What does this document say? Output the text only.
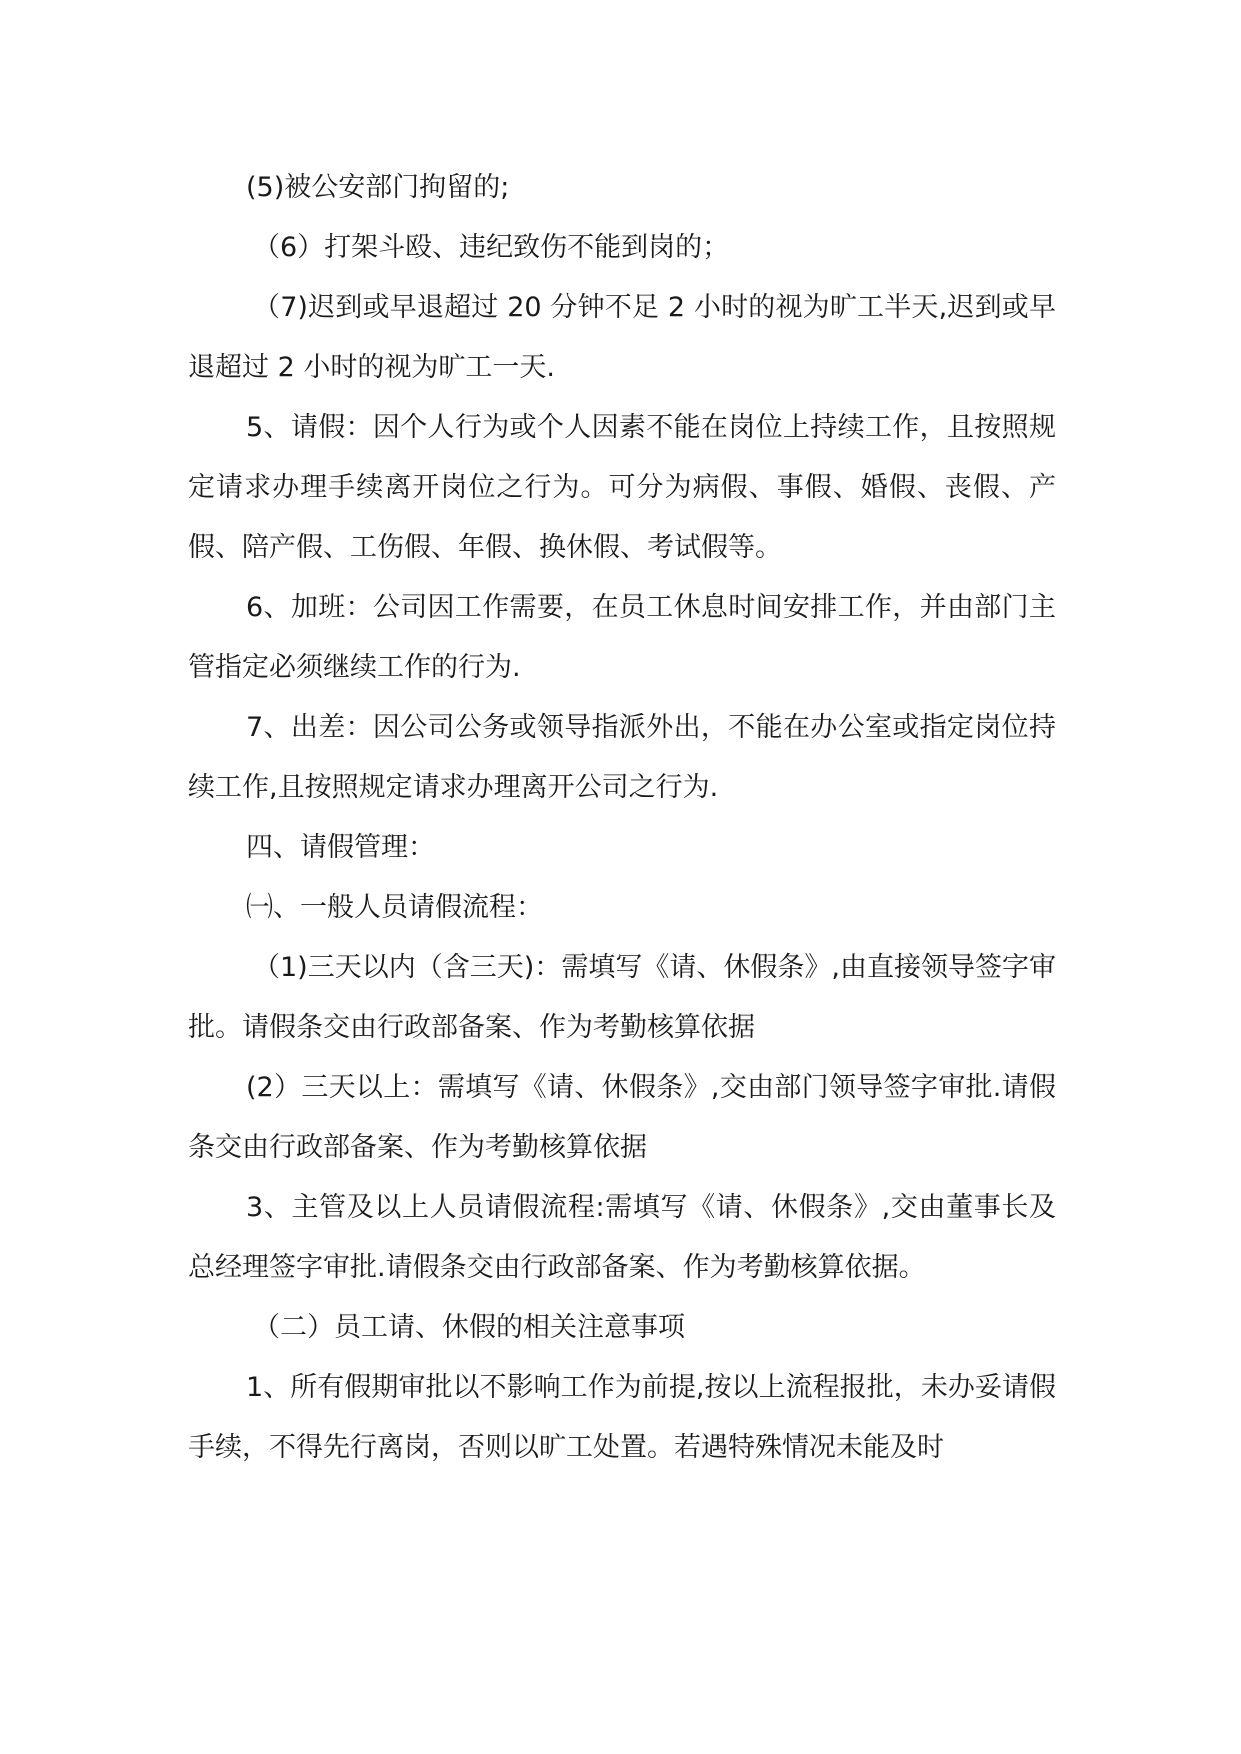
(5)被公安部门拘留的;

（6）打架斗殴、违纪致伤不能到岗的；

（7)迟到或早退超过 20 分钟不足 2 小时的视为旷工半天,迟到或早退超过 2 小时的视为旷工一天.

5、请假：因个人行为或个人因素不能在岗位上持续工作，且按照规定请求办理手续离开岗位之行为。可分为病假、事假、婚假、丧假、产假、陪产假、工伤假、年假、换休假、考试假等。

6、加班：公司因工作需要，在员工休息时间安排工作，并由部门主管指定必须继续工作的行为.

7、出差：因公司公务或领导指派外出，不能在办公室或指定岗位持续工作,且按照规定请求办理离开公司之行为.

四、请假管理：

㈠、一般人员请假流程：

（1)三天以内（含三天)：需填写《请、休假条》,由直接领导签字审批。请假条交由行政部备案、作为考勤核算依据

(2）三天以上：需填写《请、休假条》,交由部门领导签字审批.请假条交由行政部备案、作为考勤核算依据

3、主管及以上人员请假流程:需填写《请、休假条》,交由董事长及总经理签字审批.请假条交由行政部备案、作为考勤核算依据。

（二）员工请、休假的相关注意事项

1、所有假期审批以不影响工作为前提,按以上流程报批，未办妥请假手续，不得先行离岗，否则以旷工处置。若遇特殊情况未能及时
